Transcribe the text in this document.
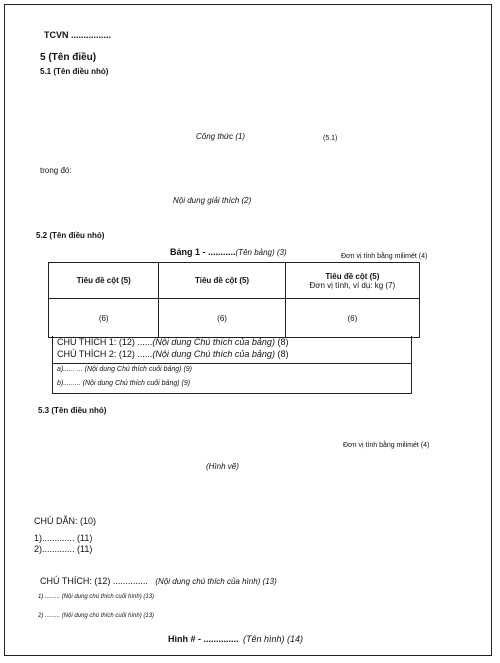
TCVN ................
5 (Tên điều)
5.1 (Tên điều nhỏ)
Công thức (1)	(5.1)
trong đó:
Nội dung giải thích (2)
5.2 (Tên điều nhỏ)
Bảng 1 - ...........(Tên bảng) (3)	Đơn vị tính bằng milimét (4)
Tiêu đề cột (5)	Tiêu đề cột (5)	Tiêu đề cột (5)
Đơn vị tính, ví dụ: kg (7)

(6)	(6)	(6)
CHÚ THÍCH 1: (12) ......(Nội dung Chú thích của bảng) (8)
CHÚ THÍCH 2: (12) ......(Nội dung Chú thích của bảng) (8)
a)...... ... (Nội dung Chú thích cuối bảng) (9)
b)......... (Nội dung Chú thích cuối bảng) (9)
5.3 (Tên điều nhỏ)
Đơn vị tính bằng milimét (4)
(Hình vẽ)
CHÚ DẪN: (10)
1)............. (11)
2)............. (11)
CHÚ THÍCH: (12) .............. (Nội dung chú thích của hình) (13)
1) ......... (Nội dung chú thích cuối hình) (13)
2) ......... (Nội dung chú thích cuối hình) (13)
Hình # - .............. (Tên hình) (14)
